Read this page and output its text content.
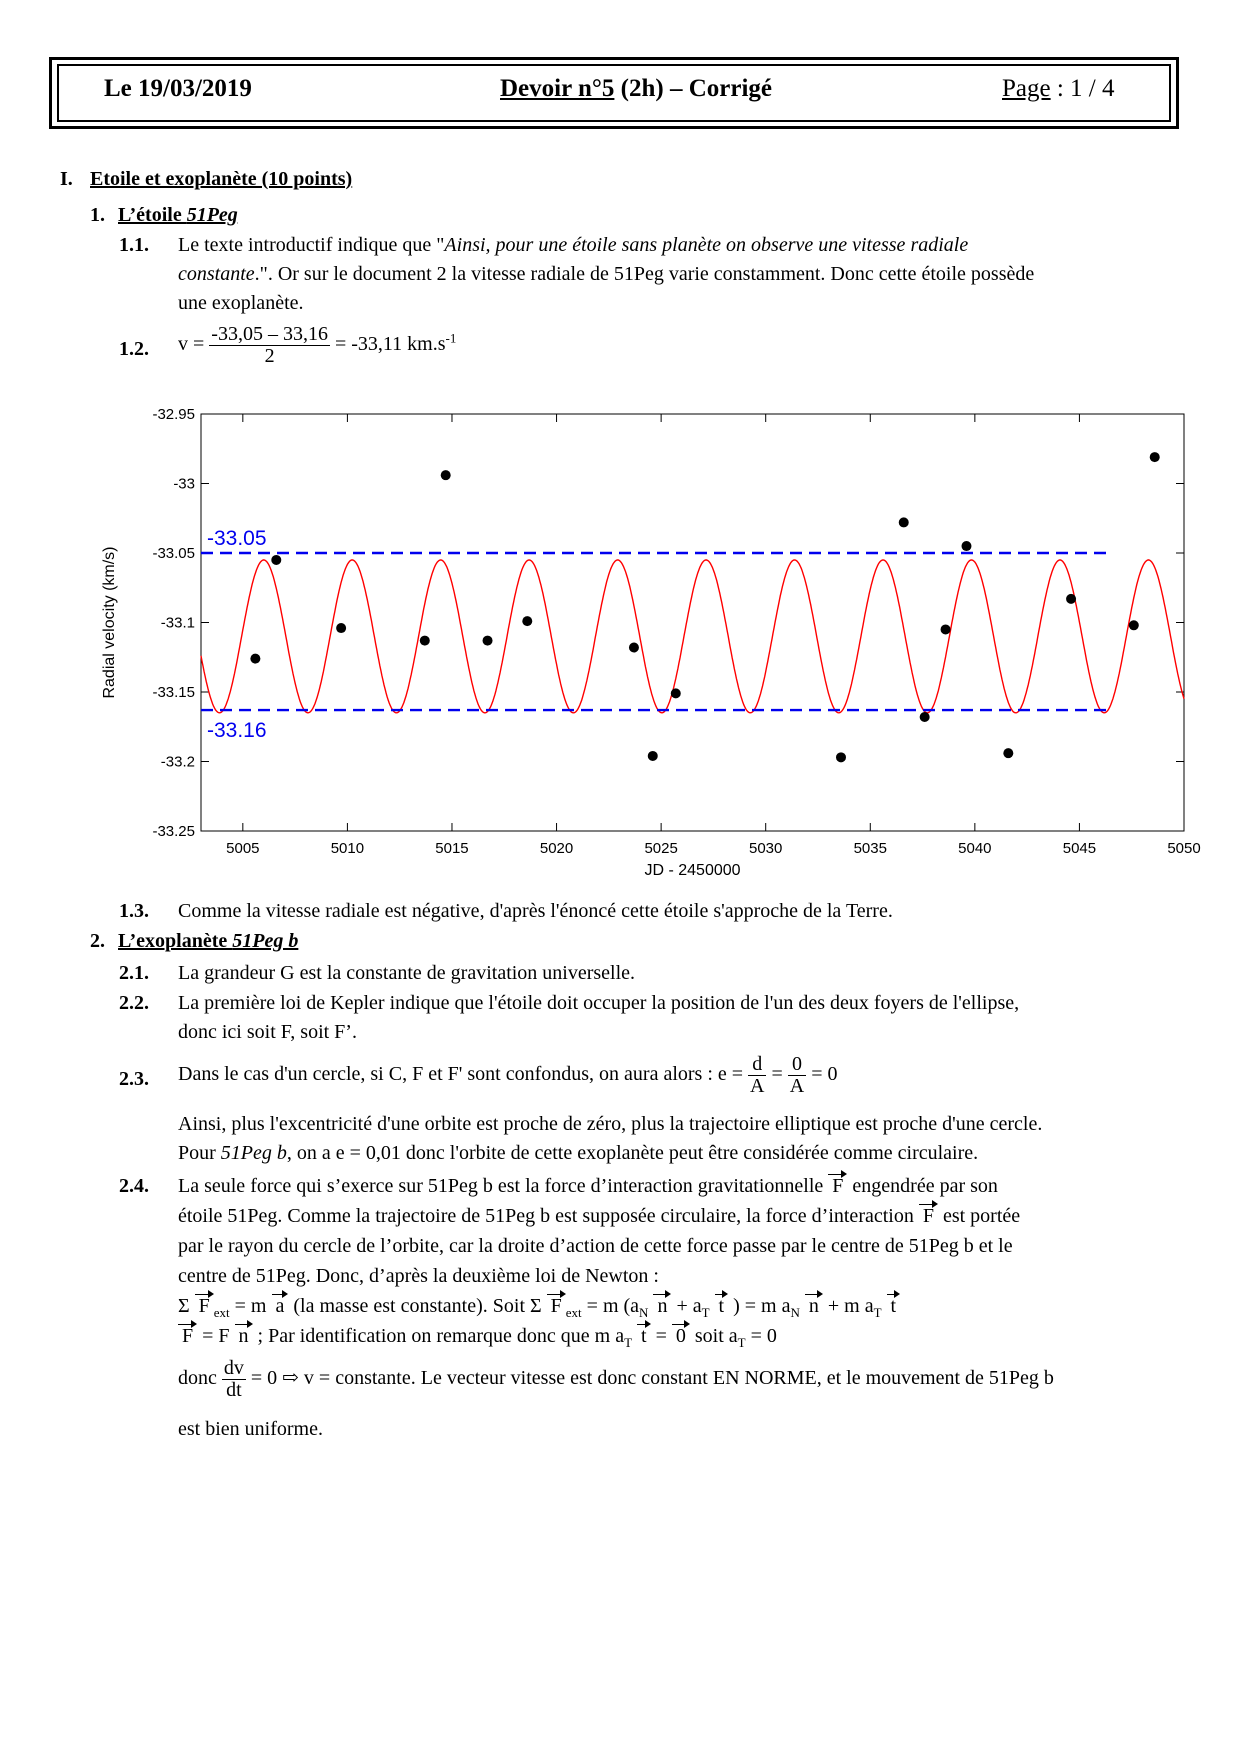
Le 19/03/2019	Devoir n°5 (2h) – Corrigé	Page : 1 / 4
I. Etoile et exoplanète (10 points)
1. L’étoile 51Peg
1.1. Le texte introductif indique que "Ainsi, pour une étoile sans planète on observe une vitesse radiale
constante.". Or sur le document 2 la vitesse radiale de 51Peg varie constamment. Donc cette étoile possède
une exoplanète.
1.2. $v = \frac{-33,05 - 33,16}{2} = -33,11$ $km.s^{-1}$
5005	5010	5015	5020	5025	5030	5035	5040	5045	5050
-32.95
-33
-33.05
-33.1
-33.15
-33.2
-33.25
JD - 2450000
Radial velocity (km/s)
-33.05
-33.16
1.3. Comme la vitesse radiale est négative, d'après l'énoncé cette étoile s'approche de la Terre.
2. L’exoplanète 51Peg b
2.1. La grandeur G est la constante de gravitation universelle.
2.2. La première loi de Kepler indique que l'étoile doit occuper la position de l'un des deux foyers de l'ellipse,
donc ici soit F, soit F’.
2.3. Dans le cas d'un cercle, si C, F et F' sont confondus, on aura alors : $e = \frac{d}{A} = \frac{0}{A} = 0$
Ainsi, plus l'excentricité d'une orbite est proche de zéro, plus la trajectoire elliptique est proche d'une cercle.
Pour 51Peg b, on a e = 0,01 donc l'orbite de cette exoplanète peut être considérée comme circulaire.
2.4. La seule force qui s’exerce sur 51Peg b est la force d’interaction gravitationnelle F engendrée par son
étoile 51Peg. Comme la trajectoire de 51Peg b est supposée circulaire, la force d’interaction F est portée
par le rayon du cercle de l’orbite, car la droite d’action de cette force passe par le centre de 51Peg b et le
centre de 51Peg. Donc, d’après la deuxième loi de Newton :
Σ F $_{ext}$ = m a (la masse est constante). Soit Σ F $_{ext}$ = m ($a_N$ $n + a_T$ t ) = m $a_N$ n + m $a_T$ t
F = F n ; Par identification on remarque donc que m $a_T$ t = 0 soit $a_T = 0$
donc $\frac{dv}{dt} = 0$ ⇨ v = constante. Le vecteur vitesse est donc constant EN NORME, et le mouvement de 51Peg b
est bien uniforme.
